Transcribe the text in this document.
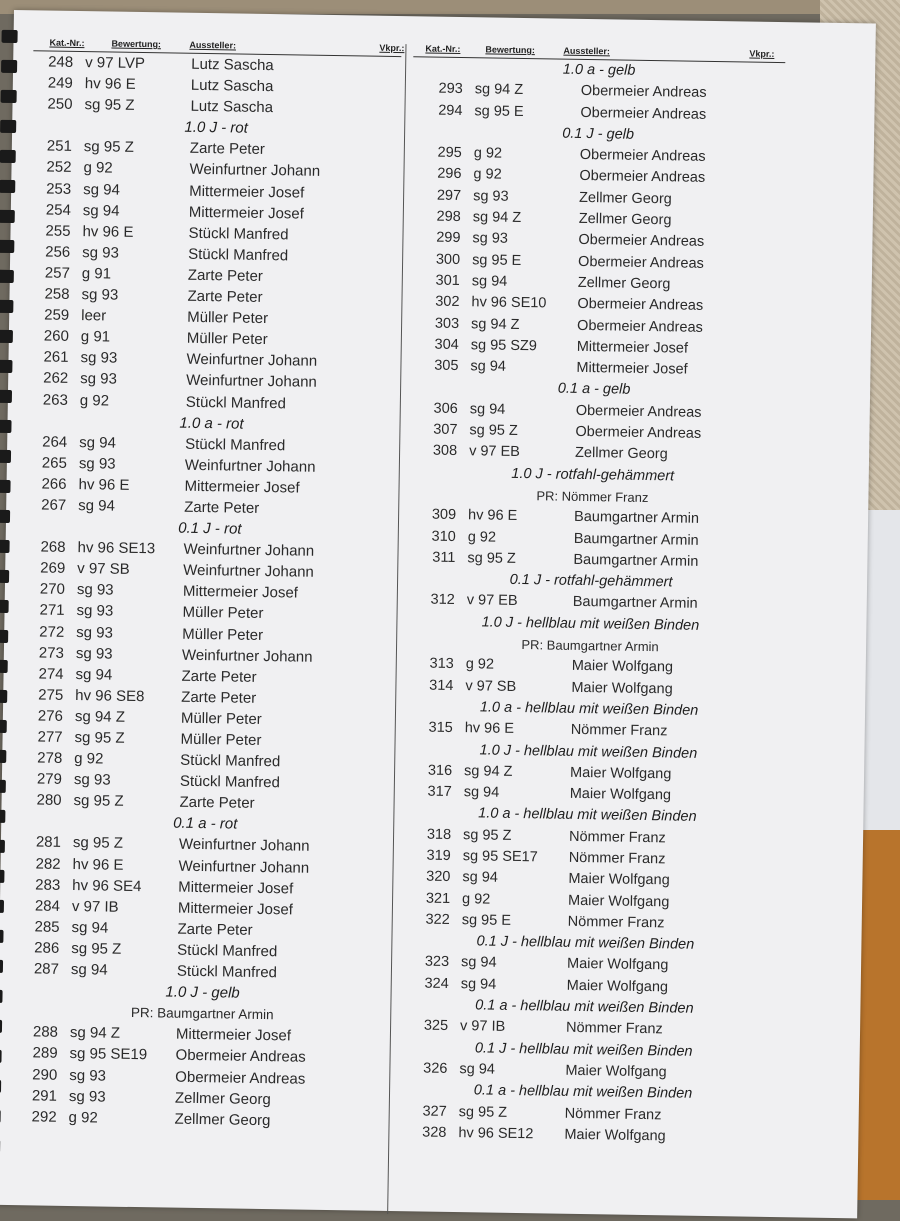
Kat.-Nr.:	Bewertung:	Aussteller:	Vkpr.:
248 v 97 LVP	Lutz Sascha
249 hv 96 E	Lutz Sascha
250 sg 95 Z	Lutz Sascha
1.0 J - rot
251 sg 95 Z	Zarte Peter
252 g 92	Weinfurtner Johann
253 sg 94	Mittermeier Josef
254 sg 94	Mittermeier Josef
255 hv 96 E	Stückl Manfred
256 sg 93	Stückl Manfred
257 g 91	Zarte Peter
258 sg 93	Zarte Peter
259 leer	Müller Peter
260 g 91	Müller Peter
261 sg 93	Weinfurtner Johann
262 sg 93	Weinfurtner Johann
263 g 92	Stückl Manfred
1.0 a - rot
264 sg 94	Stückl Manfred
265 sg 93	Weinfurtner Johann
266 hv 96 E	Mittermeier Josef
267 sg 94	Zarte Peter
0.1 J - rot
268 hv 96 SE13 Weinfurtner Johann
269 v 97 SB	Weinfurtner Johann
270 sg 93	Mittermeier Josef
271 sg 93	Müller Peter
272 sg 93	Müller Peter
273 sg 93	Weinfurtner Johann
274 sg 94	Zarte Peter
275 hv 96 SE8 Zarte Peter
276 sg 94 Z	Müller Peter
277 sg 95 Z	Müller Peter
278 g 92	Stückl Manfred
279 sg 93	Stückl Manfred
280 sg 95 Z	Zarte Peter
0.1 a - rot
281 sg 95 Z	Weinfurtner Johann
282 hv 96 E	Weinfurtner Johann
283 hv 96 SE4 Mittermeier Josef
284 v 97 IB	Mittermeier Josef
285 sg 94	Zarte Peter
286 sg 95 Z	Stückl Manfred
287 sg 94	Stückl Manfred
1.0 J - gelb
PR: Baumgartner Armin
288 sg 94 Z	Mittermeier Josef
289 sg 95 SE19 Obermeier Andreas
290 sg 93	Obermeier Andreas
291 sg 93	Zellmer Georg
292 g 92	Zellmer Georg
Kat.-Nr.:	Bewertung:	Aussteller:	Vkpr.:
1.0 a - gelb
293 sg 94 Z	Obermeier Andreas
294 sg 95 E	Obermeier Andreas
0.1 J - gelb
295 g 92	Obermeier Andreas
296 g 92	Obermeier Andreas
297 sg 93	Zellmer Georg
298 sg 94 Z	Zellmer Georg
299 sg 93	Obermeier Andreas
300 sg 95 E	Obermeier Andreas
301 sg 94	Zellmer Georg
302 hv 96 SE10 Obermeier Andreas
303 sg 94 Z	Obermeier Andreas
304 sg 95 SZ9	Mittermeier Josef
305 sg 94	Mittermeier Josef
0.1 a - gelb
306 sg 94	Obermeier Andreas
307 sg 95 Z	Obermeier Andreas
308 v 97 EB	Zellmer Georg
1.0 J - rotfahl-gehämmert
PR: Nömmer Franz
309 hv 96 E	Baumgartner Armin
310 g 92	Baumgartner Armin
311 sg 95 Z	Baumgartner Armin
0.1 J - rotfahl-gehämmert
312 v 97 EB	Baumgartner Armin
1.0 J - hellblau mit weißen Binden
PR: Baumgartner Armin
313 g 92	Maier Wolfgang
314 v 97 SB	Maier Wolfgang
1.0 a - hellblau mit weißen Binden
315 hv 96 E	Nömmer Franz
1.0 J - hellblau mit weißen Binden
316 sg 94 Z	Maier Wolfgang
317 sg 94	Maier Wolfgang
1.0 a - hellblau mit weißen Binden
318 sg 95 Z	Nömmer Franz
319 sg 95 SE17 Nömmer Franz
320 sg 94	Maier Wolfgang
321 g 92	Maier Wolfgang
322 sg 95 E	Nömmer Franz
0.1 J - hellblau mit weißen Binden
323 sg 94	Maier Wolfgang
324 sg 94	Maier Wolfgang
0.1 a - hellblau mit weißen Binden
325 v 97 IB	Nömmer Franz
0.1 J - hellblau mit weißen Binden
326 sg 94	Maier Wolfgang
0.1 a - hellblau mit weißen Binden
327 sg 95 Z	Nömmer Franz
328 hv 96 SE12 Maier Wolfgang
